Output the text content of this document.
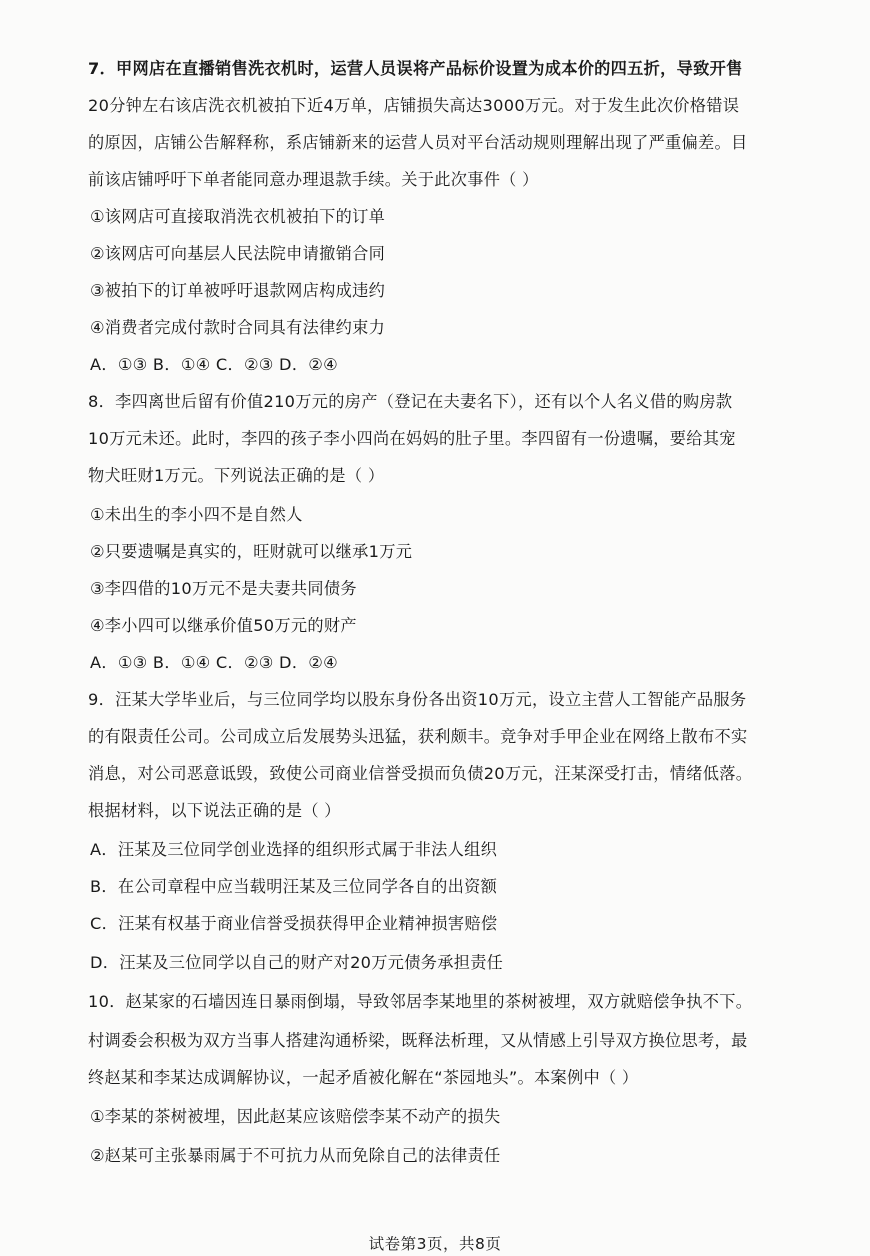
7．甲网店在直播销售洗衣机时，运营人员误将产品标价设置为成本价的四五折，导致开售
20分钟左右该店洗衣机被拍下近4万单，店铺损失高达3000万元。对于发生此次价格错误
的原因，店铺公告解释称，系店铺新来的运营人员对平台活动规则理解出现了严重偏差。目
前该店铺呼吁下单者能同意办理退款手续。关于此次事件（ ）
①该网店可直接取消洗衣机被拍下的订单
②该网店可向基层人民法院申请撤销合同
③被拍下的订单被呼吁退款网店构成违约
④消费者完成付款时合同具有法律约束力
A．①③ B．①④ C．②③ D．②④
8．李四离世后留有价值210万元的房产（登记在夫妻名下），还有以个人名义借的购房款
10万元未还。此时，李四的孩子李小四尚在妈妈的肚子里。李四留有一份遗嘱，要给其宠
物犬旺财1万元。下列说法正确的是（ ）
①未出生的李小四不是自然人
②只要遗嘱是真实的，旺财就可以继承1万元
③李四借的10万元不是夫妻共同债务
④李小四可以继承价值50万元的财产
A．①③ B．①④ C．②③ D．②④
9．汪某大学毕业后，与三位同学均以股东身份各出资10万元，设立主营人工智能产品服务
的有限责任公司。公司成立后发展势头迅猛，获利颇丰。竞争对手甲企业在网络上散布不实
消息，对公司恶意诋毁，致使公司商业信誉受损而负债20万元，汪某深受打击，情绪低落。
根据材料，以下说法正确的是（ ）
A．汪某及三位同学创业选择的组织形式属于非法人组织
B．在公司章程中应当载明汪某及三位同学各自的出资额
C．汪某有权基于商业信誉受损获得甲企业精神损害赔偿
D．汪某及三位同学以自己的财产对20万元债务承担责任
10．赵某家的石墙因连日暴雨倒塌，导致邻居李某地里的茶树被埋，双方就赔偿争执不下。
村调委会积极为双方当事人搭建沟通桥梁，既释法析理，又从情感上引导双方换位思考，最
终赵某和李某达成调解协议，一起矛盾被化解在“茶园地头”。本案例中（ ）
①李某的茶树被埋，因此赵某应该赔偿李某不动产的损失
②赵某可主张暴雨属于不可抗力从而免除自己的法律责任
试卷第3页，共8页
